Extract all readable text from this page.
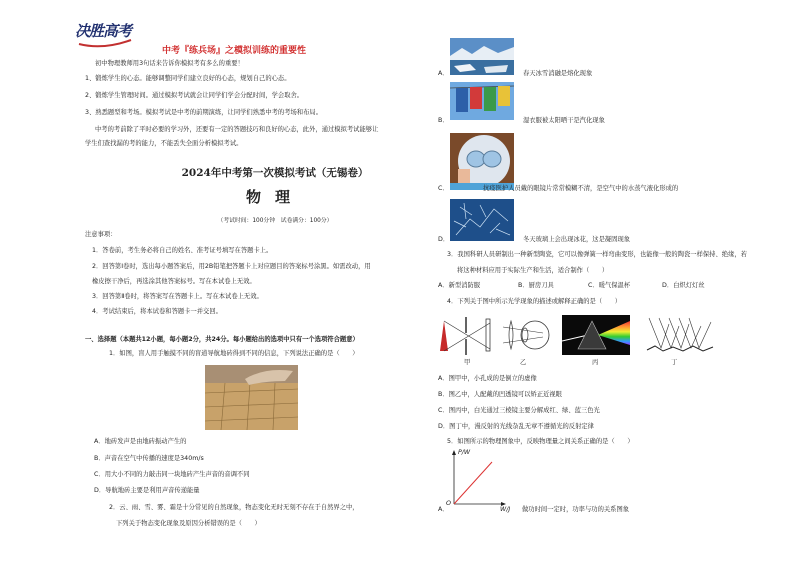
决胜高考
中考『练兵场』之模拟训练的重要性
初中物理教师用3句话来告诉你模拟考有多么的重要！
1、锻炼学生的心态。能够调整同学们建立良好的心态，规划自己的心态。
2、锻炼学生管理时间。通过模拟考试就会让同学们学会分配时间，学会取舍。
3、熟悉题型和考场。模拟考试是中考的前期演练，让同学们熟悉中考的考场和布局。
中考的考前除了平时必要的学习外，还要有一定的答题技巧和良好的心态，此外，通过模拟考试能够让
学生们查找漏的考的能力，不能丢失全面分析模拟考试。
2024年中考第一次模拟考试（无锡卷）
物理
（考试时间：100分钟　试卷满分：100分）
注意事项：
1．答卷前，考生务必将自己的姓名、准考证号填写在答题卡上。
2．回答第Ⅰ卷时，选出每小题答案后，用2B铅笔把答题卡上对应题目的答案标号涂黑。如需改动，用
橡皮擦干净后，再选涂其他答案标号。写在本试卷上无效。
3．回答第Ⅱ卷时，将答案写在答题卡上。写在本试卷上无效。
4．考试结束后，将本试卷和答题卡一并交回。
一、选择题（本题共12小题，每小题2分，共24分。每小题给出的选项中只有一个选项符合题意）
1．如图，盲人用手触摸不同的盲道导航地砖得到不同的信息，下列说法正确的是（　　）
A．地砖发声是由地砖振动产生的
B．声音在空气中传播的速度是340m/s
C．用大小不同的力敲击同一块地砖产生声音的音调不同
D．导航地砖主要是利用声音传递能量
2．云、雨、雪、雾、霜是十分常见的自然现象，物态变化无时无刻不存在于自然界之中，
下列关于物态变化现象及原因分析错误的是（　　）
A．	春天冰雪消融是熔化现象
B．	湿衣服被太阳晒干是汽化现象
C．	抗疫医护人员戴的眼镜片常常模糊不清，是空气中的水蒸气液化形成的
D．	冬天玻璃上会出现冰花，这是凝固现象
3．我国科研人员研制出一种新型陶瓷，它可以像弹簧一样弯曲变形，也能像一般的陶瓷一样保持、绝缘，若
将这种材料应用于实际生产和生活，适合制作（　　）
A．新型消防服	B．厨房刀具	C．暖气保温杯	D．白炽灯灯丝
4．下列关于图中所示光学现象的描述或解释正确的是（　　）
甲	乙	丙	丁
A．图甲中，小孔成的是倒立的虚像
B．图乙中，人配戴的凹透镜可以矫正近视眼
C．图丙中，白光通过三棱镜主要分解成红、绿、蓝三色光
D．图丁中，漫反射的光线杂乱无章不遵循光的反射定律
5．如图所示的物理图象中，反映物理量之间关系正确的是（　　）
P/W
O
A．	W/J 做功时间一定时，功率与功的关系图象
